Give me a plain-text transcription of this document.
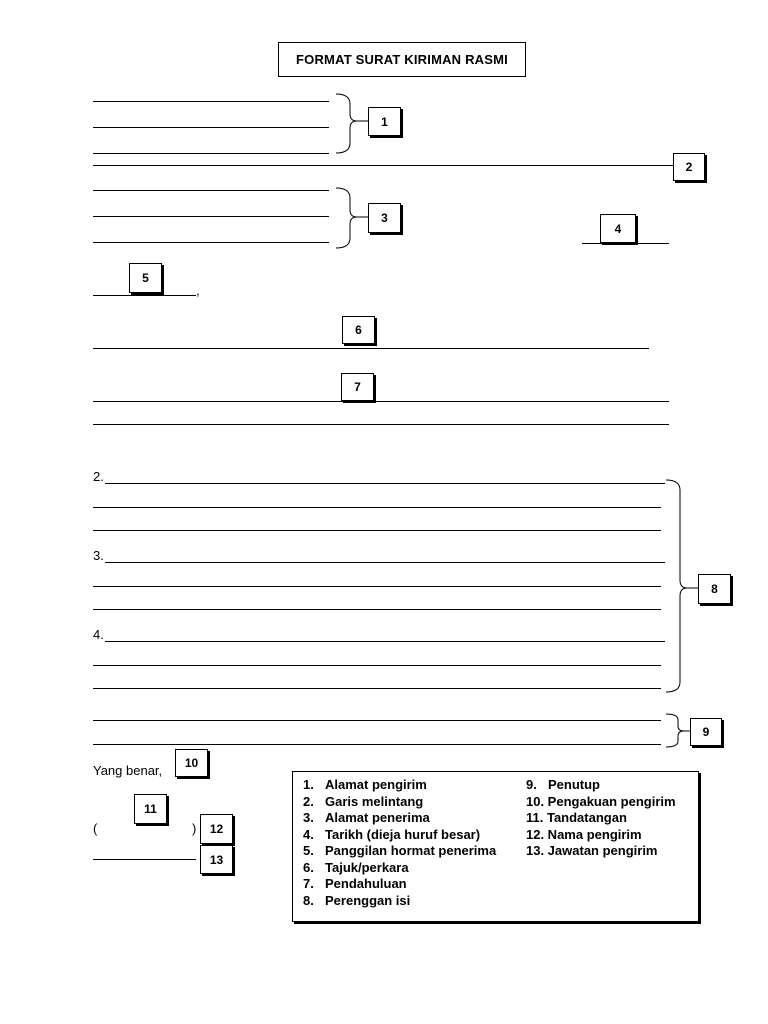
FORMAT SURAT KIRIMAN RASMI
,
2.
3.
4.
Yang benar,
(	)
1
2
3
4
5
6
7
8
9
10
11
12
13
1. Alamat pengirim
2. Garis melintang
3. Alamat penerima
4. Tarikh (dieja huruf besar)
5. Panggilan hormat penerima
6. Tajuk/perkara
7. Pendahuluan
8. Perenggan isi
9. Penutup
10. Pengakuan pengirim
11. Tandatangan
12. Nama pengirim
13. Jawatan pengirim
